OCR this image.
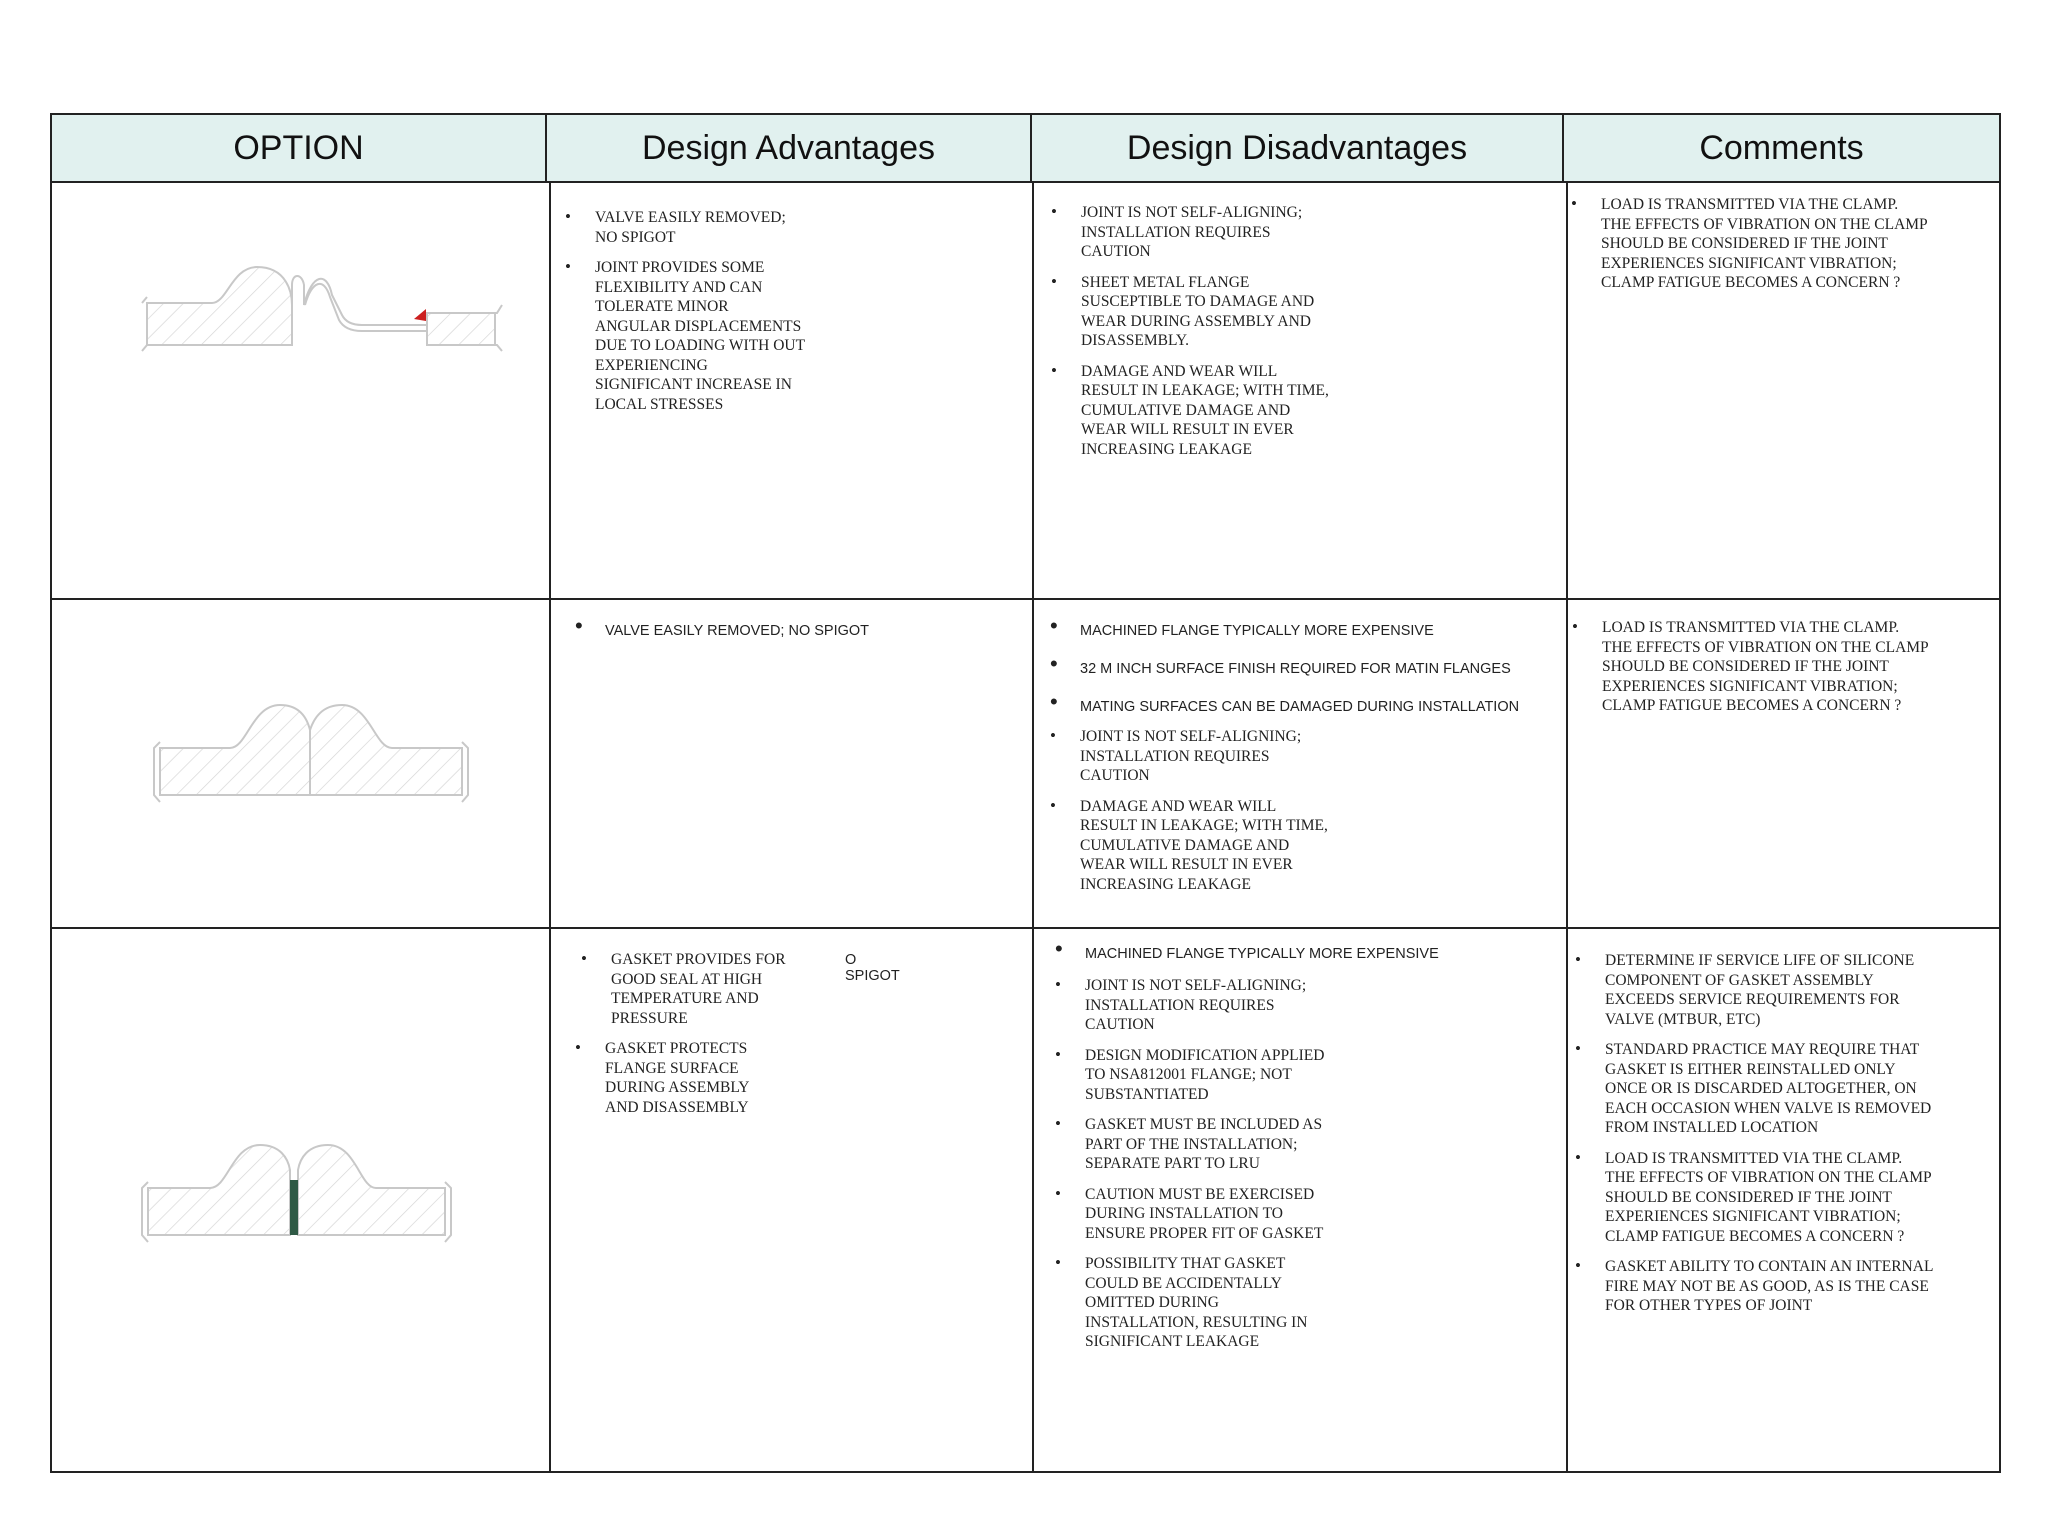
OPTION	Design Advantages	Design Disadvantages	Comments
• VALVE EASILY REMOVED; NO SPIGOT
• JOINT PROVIDES SOME FLEXIBILITY AND CAN TOLERATE MINOR ANGULAR DISPLACEMENTS DUE TO LOADING WITH OUT EXPERIENCING SIGNIFICANT INCREASE IN LOCAL STRESSES
• JOINT IS NOT SELF-ALIGNING; INSTALLATION REQUIRES CAUTION
• SHEET METAL FLANGE SUSCEPTIBLE TO DAMAGE AND WEAR DURING ASSEMBLY AND DISASSEMBLY.
• DAMAGE AND WEAR WILL RESULT IN LEAKAGE; WITH TIME, CUMULATIVE DAMAGE AND WEAR WILL RESULT IN EVER INCREASING LEAKAGE
• LOAD IS TRANSMITTED VIA THE CLAMP. THE EFFECTS OF VIBRATION ON THE CLAMP SHOULD BE CONSIDERED IF THE JOINT EXPERIENCES SIGNIFICANT VIBRATION; CLAMP FATIGUE BECOMES A CONCERN ?
• VALVE EASILY REMOVED; NO SPIGOT
•	MACHINED FLANGE TYPICALLY MORE EXPENSIVE
• 32 Μ INCH SURFACE FINISH REQUIRED FOR MATIN FLANGES
• MATING SURFACES CAN BE DAMAGED DURING INSTALLATION
• JOINT IS NOT SELF-ALIGNING; INSTALLATION REQUIRES CAUTION
• DAMAGE AND WEAR WILL RESULT IN LEAKAGE; WITH TIME, CUMULATIVE DAMAGE AND WEAR WILL RESULT IN EVER INCREASING LEAKAGE
• LOAD IS TRANSMITTED VIA THE CLAMP. THE EFFECTS OF VIBRATION ON THE CLAMP SHOULD BE CONSIDERED IF THE JOINT EXPERIENCES SIGNIFICANT VIBRATION; CLAMP FATIGUE BECOMES A CONCERN ?
O SPIGOT
• GASKET PROVIDES FOR GOOD SEAL AT HIGH TEMPERATURE AND PRESSURE
• GASKET PROTECTS FLANGE SURFACE DURING ASSEMBLY AND DISASSEMBLY
• MACHINED FLANGE TYPICALLY MORE EXPENSIVE
• JOINT IS NOT SELF-ALIGNING; INSTALLATION REQUIRES CAUTION
• DESIGN MODIFICATION APPLIED TO NSA812001 FLANGE; NOT SUBSTANTIATED
• GASKET MUST BE INCLUDED AS PART OF THE INSTALLATION; SEPARATE PART TO LRU
• CAUTION MUST BE EXERCISED DURING INSTALLATION TO ENSURE PROPER FIT OF GASKET
• POSSIBILITY THAT GASKET COULD BE ACCIDENTALLY OMITTED DURING INSTALLATION, RESULTING IN SIGNIFICANT LEAKAGE
• DETERMINE IF SERVICE LIFE OF SILICONE COMPONENT OF GASKET ASSEMBLY EXCEEDS SERVICE REQUIREMENTS FOR VALVE (MTBUR, ETC)
• STANDARD PRACTICE MAY REQUIRE THAT GASKET IS EITHER REINSTALLED ONLY ONCE OR IS DISCARDED ALTOGETHER, ON EACH OCCASION WHEN VALVE IS REMOVED FROM INSTALLED LOCATION
• LOAD IS TRANSMITTED VIA THE CLAMP. THE EFFECTS OF VIBRATION ON THE CLAMP SHOULD BE CONSIDERED IF THE JOINT EXPERIENCES SIGNIFICANT VIBRATION; CLAMP FATIGUE BECOMES A CONCERN ?
• GASKET ABILITY TO CONTAIN AN INTERNAL FIRE MAY NOT BE AS GOOD, AS IS THE CASE FOR OTHER TYPES OF JOINT
